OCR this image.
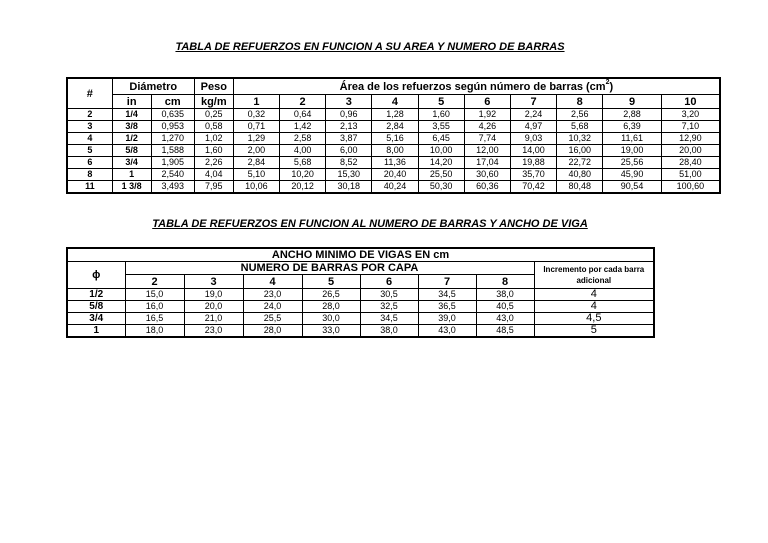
TABLA DE REFUERZOS EN FUNCION A SU AREA Y NUMERO DE BARRAS
#	Diámetro		Peso	Área de los refuerzos según número de barras $(cm^2)$									
	in	cm	kg/m	1	2	3	4	5	6	7	8	9	10
2	1/4	0,635	0,25	0,32	0,64	0,96	1,28	1,60	1,92	2,24	2,56	2,88	3,20
3	3/8	0,953	0,58	0,71	1,42	2,13	2,84	3,55	4,26	4,97	5,68	6,39	7,10
4	1/2	1,270	1,02	1,29	2,58	3,87	5,16	6,45	7,74	9,03	10,32	11,61	12,90
5	5/8	1,588	1,60	2,00	4,00	6,00	8,00	10,00	12,00	14,00	16,00	19,00	20,00
6	3/4	1,905	2,26	2,84	5,68	8,52	11,36	14,20	17,04	19,88	22,72	25,56	28,40
8	1	2,540	4,04	5,10	10,20	15,30	20,40	25,50	30,60	35,70	40,80	45,90	51,00
11	1 3/8	3,493	7,95	10,06	20,12	30,18	40,24	50,30	60,36	70,42	80,48	90,54	100,60
TABLA DE REFUERZOS EN FUNCION AL NUMERO DE BARRAS Y ANCHO DE VIGA
ANCHO MINIMO DE VIGAS EN cm								
ϕ	NUMERO DE BARRAS POR CAPA							Incremento por cada barra adicional
	2	3	4	5	6	7	8	
1/2	15,0	19,0	23,0	26,5	30,5	34,5	38,0	4
5/8	16,0	20,0	24,0	28,0	32,5	36,5	40,5	4
3/4	16,5	21,0	25,5	30,0	34,5	39,0	43,0	4,5
1	18,0	23,0	28,0	33,0	38,0	43,0	48,5	5
